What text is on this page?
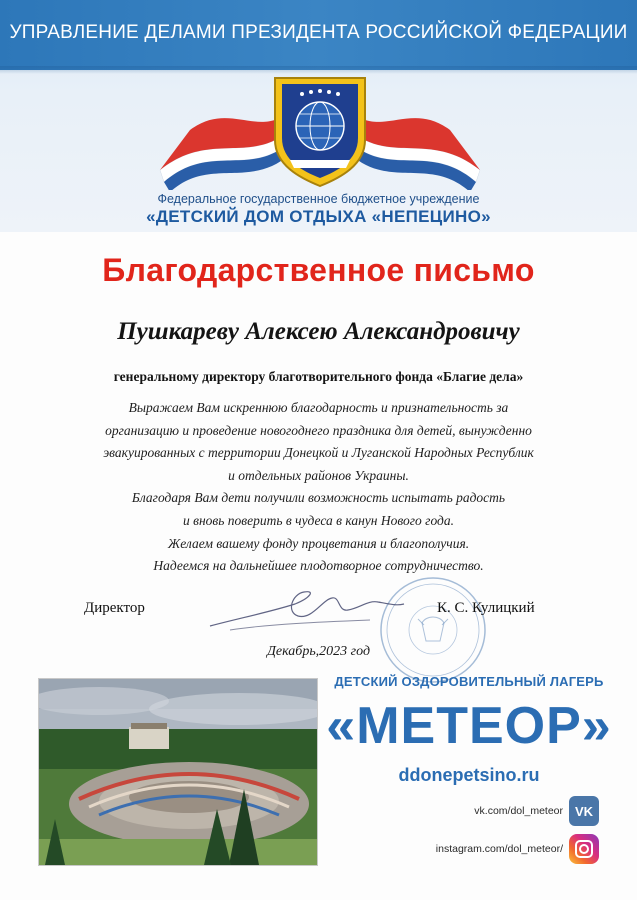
УПРАВЛЕНИЕ ДЕЛАМИ ПРЕЗИДЕНТА РОССИЙСКОЙ ФЕДЕРАЦИИ
Федеральное государственное бюджетное учреждение
«ДЕТСКИЙ ДОМ ОТДЫХА «НЕПЕЦИНО»
Благодарственное письмо
Пушкареву Алексею Александровичу
генеральному директору благотворительного фонда «Благие дела»
Выражаем Вам искреннюю благодарность и признательность за
организацию и проведение новогоднего праздника для детей, вынужденно
эвакуированных с территории Донецкой и Луганской Народных Республик
и отдельных районов Украины.
Благодаря Вам дети получили возможность испытать радость
и вновь поверить в чудеса в канун Нового года.
Желаем вашему фонду процветания и благополучия.
Надеемся на дальнейшее плодотворное сотрудничество.
Директор	К. С. Кулицкий
Декабрь,2023 год
ДЕТСКИЙ ОЗДОРОВИТЕЛЬНЫЙ ЛАГЕРЬ
«МЕТЕОР»
ddonepetsino.ru
vk.com/dol_meteor VK
instagram.com/dol_meteor/
